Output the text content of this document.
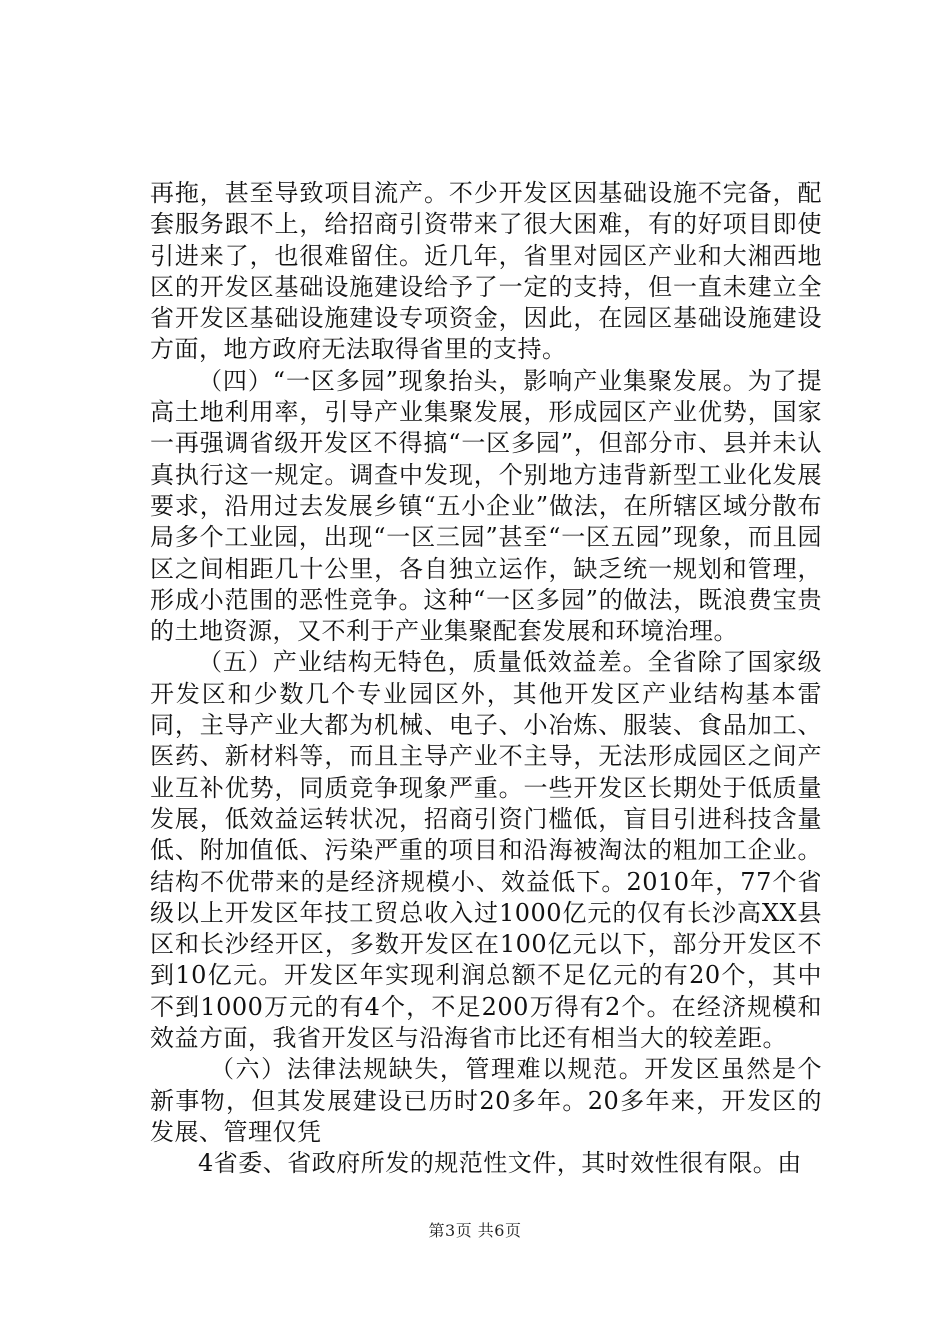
再拖，甚至导致项目流产。不少开发区因基础设施不完备，配套服务跟不上，给招商引资带来了很大困难，有的好项目即使引进来了，也很难留住。近几年，省里对园区产业和大湘西地区的开发区基础设施建设给予了一定的支持，但一直未建立全省开发区基础设施建设专项资金，因此，在园区基础设施建设方面，地方政府无法取得省里的支持。

（四）“一区多园”现象抬头，影响产业集聚发展。为了提高土地利用率，引导产业集聚发展，形成园区产业优势，国家一再强调省级开发区不得搞“一区多园”，但部分市、县并未认真执行这一规定。调查中发现，个别地方违背新型工业化发展要求，沿用过去发展乡镇“五小企业”做法，在所辖区域分散布局多个工业园，出现“一区三园”甚至“一区五园”现象，而且园区之间相距几十公里，各自独立运作，缺乏统一规划和管理，形成小范围的恶性竞争。这种“一区多园”的做法，既浪费宝贵的土地资源，又不利于产业集聚配套发展和环境治理。

（五）产业结构无特色，质量低效益差。全省除了国家级开发区和少数几个专业园区外，其他开发区产业结构基本雷同，主导产业大都为机械、电子、小冶炼、服装、食品加工、医药、新材料等，而且主导产业不主导，无法形成园区之间产业互补优势，同质竞争现象严重。一些开发区长期处于低质量发展，低效益运转状况，招商引资门槛低，盲目引进科技含量低、附加值低、污染严重的项目和沿海被淘汰的粗加工企业。结构不优带来的是经济规模小、效益低下。2010年，77个省级以上开发区年技工贸总收入过1000亿元的仅有长沙高XX县区和长沙经开区，多数开发区在100亿元以下，部分开发区不到10亿元。开发区年实现利润总额不足亿元的有20个，其中不到1000万元的有4个，不足200万得有2个。在经济规模和效益方面，我省开发区与沿海省市比还有相当大的较差距。

（六）法律法规缺失，管理难以规范。开发区虽然是个新事物，但其发展建设已历时20多年。20多年来，开发区的发展、管理仅凭

4省委、省政府所发的规范性文件，其时效性很有限。由

第3页 共6页
